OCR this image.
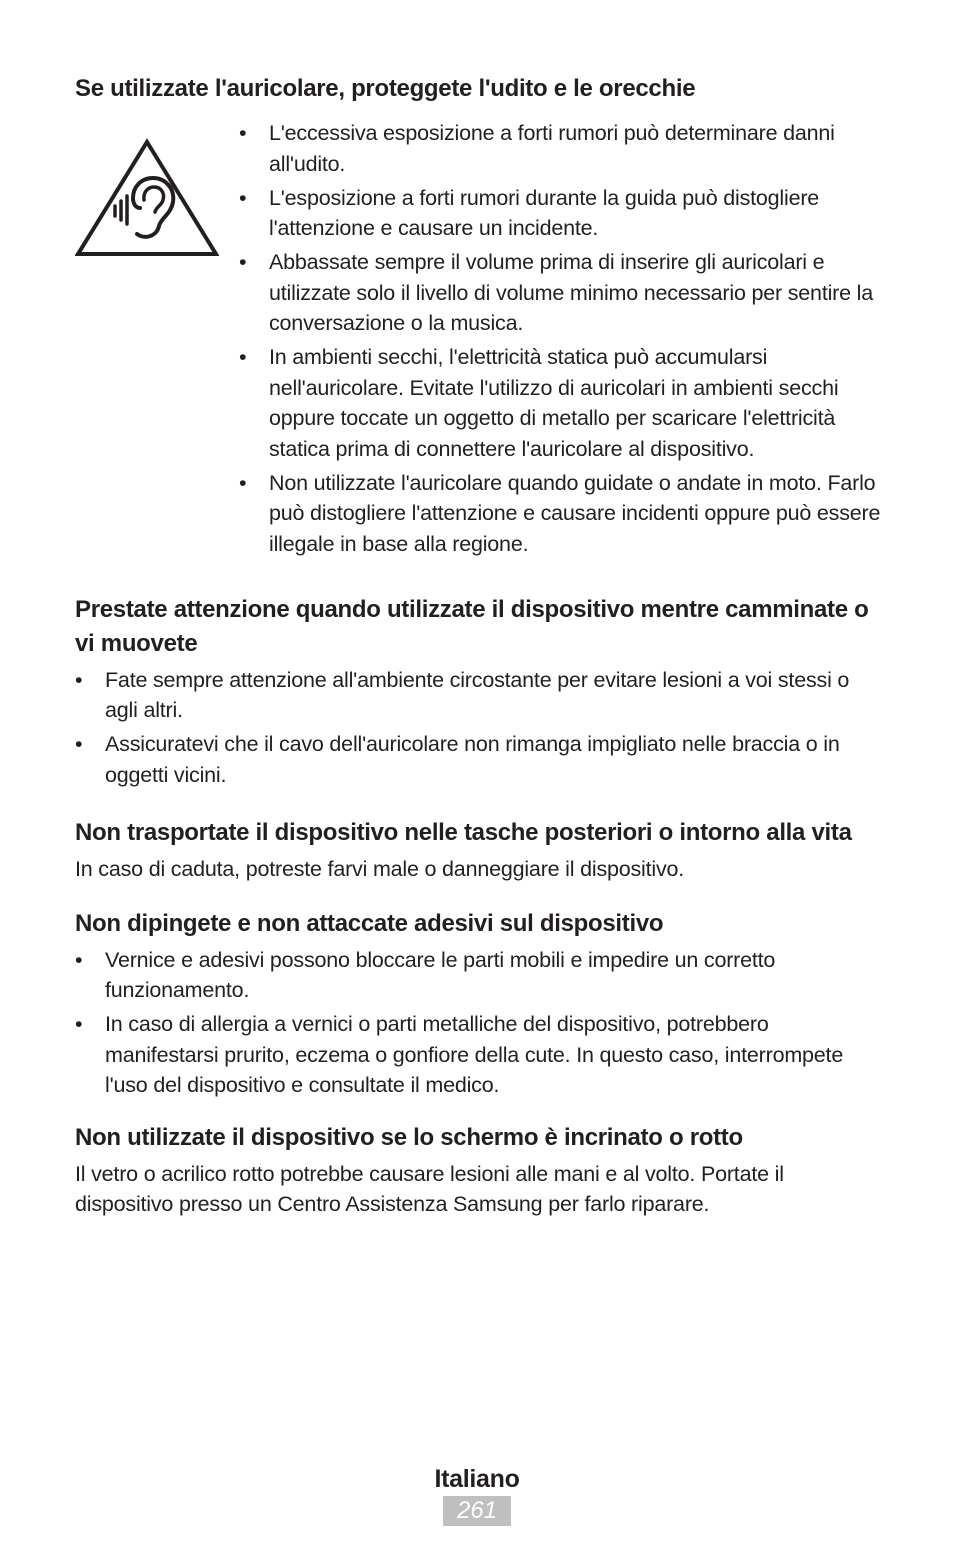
Se utilizzate l'auricolare, proteggete l'udito e le orecchie
• L'eccessiva esposizione a forti rumori può determinare danni all'udito.
• L'esposizione a forti rumori durante la guida può distogliere l'attenzione e causare un incidente.
• Abbassate sempre il volume prima di inserire gli auricolari e utilizzate solo il livello di volume minimo necessario per sentire la conversazione o la musica.
• In ambienti secchi, l'elettricità statica può accumularsi nell'auricolare. Evitate l'utilizzo di auricolari in ambienti secchi oppure toccate un oggetto di metallo per scaricare l'elettricità statica prima di connettere l'auricolare al dispositivo.
• Non utilizzate l'auricolare quando guidate o andate in moto. Farlo può distogliere l'attenzione e causare incidenti oppure può essere illegale in base alla regione.
Prestate attenzione quando utilizzate il dispositivo mentre camminate o vi muovete
• Fate sempre attenzione all'ambiente circostante per evitare lesioni a voi stessi o agli altri.
• Assicuratevi che il cavo dell'auricolare non rimanga impigliato nelle braccia o in oggetti vicini.
Non trasportate il dispositivo nelle tasche posteriori o intorno alla vita

In caso di caduta, potreste farvi male o danneggiare il dispositivo.

Non dipingete e non attaccate adesivi sul dispositivo
• Vernice e adesivi possono bloccare le parti mobili e impedire un corretto funzionamento.
• In caso di allergia a vernici o parti metalliche del dispositivo, potrebbero manifestarsi prurito, eczema o gonfiore della cute. In questo caso, interrompete l'uso del dispositivo e consultate il medico.
Non utilizzate il dispositivo se lo schermo è incrinato o rotto

Il vetro o acrilico rotto potrebbe causare lesioni alle mani e al volto. Portate il dispositivo presso un Centro Assistenza Samsung per farlo riparare.

Italiano
261
